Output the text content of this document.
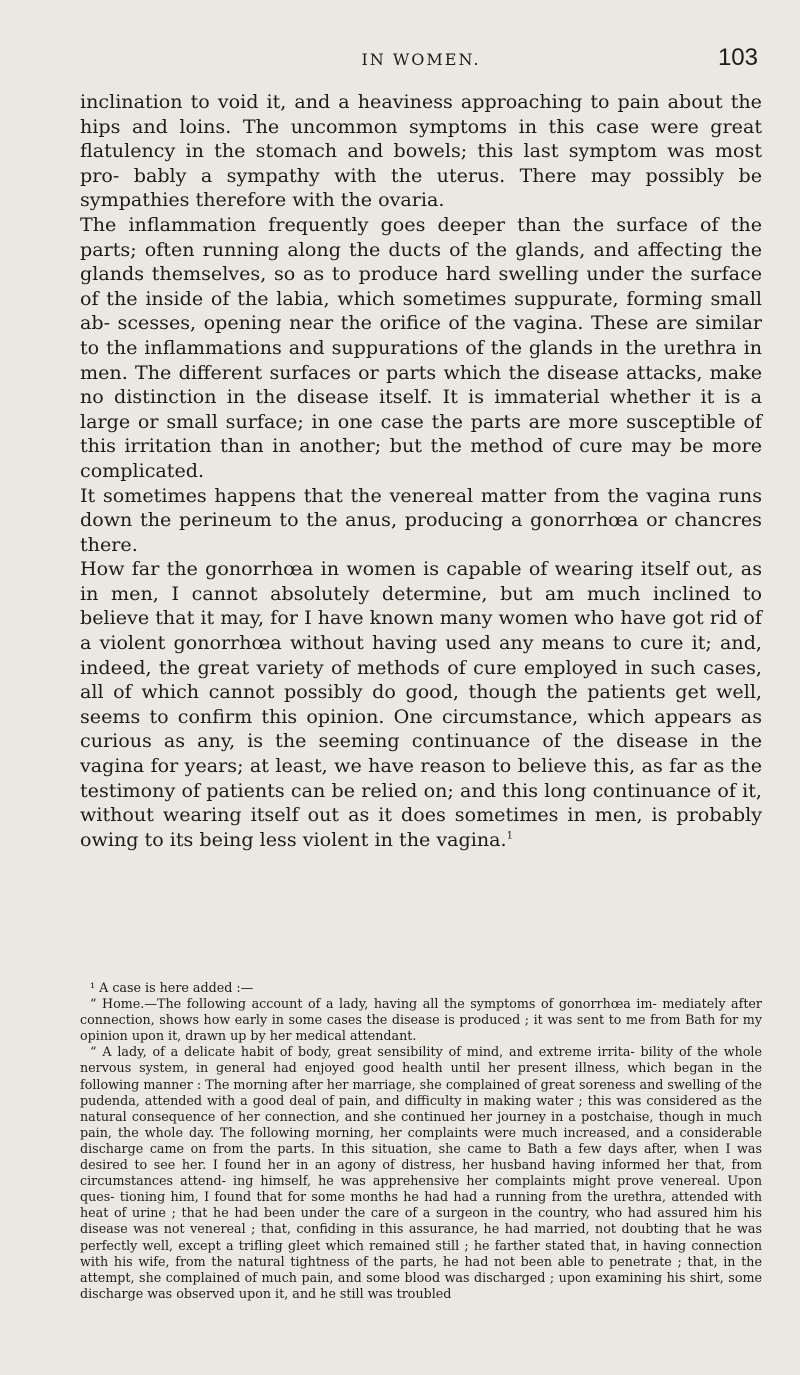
IN WOMEN.	103

inclination to void it, and a heaviness approaching to pain about the hips and loins. The uncommon symptoms in this case were great flatulency in the stomach and bowels; this last symptom was most pro- bably a sympathy with the uterus. There may possibly be sympathies therefore with the ovaria.

The inflammation frequently goes deeper than the surface of the parts; often running along the ducts of the glands, and affecting the glands themselves, so as to produce hard swelling under the surface of the inside of the labia, which sometimes suppurate, forming small ab- scesses, opening near the orifice of the vagina. These are similar to the inflammations and suppurations of the glands in the urethra in men. The different surfaces or parts which the disease attacks, make no distinction in the disease itself. It is immaterial whether it is a large or small surface; in one case the parts are more susceptible of this irritation than in another; but the method of cure may be more complicated.

It sometimes happens that the venereal matter from the vagina runs down the perineum to the anus, producing a gonorrhœa or chancres there.

How far the gonorrhœa in women is capable of wearing itself out, as in men, I cannot absolutely determine, but am much inclined to believe that it may, for I have known many women who have got rid of a violent gonorrhœa without having used any means to cure it; and, indeed, the great variety of methods of cure employed in such cases, all of which cannot possibly do good, though the patients get well, seems to confirm this opinion. One circumstance, which appears as curious as any, is the seeming continuance of the disease in the vagina for years; at least, we have reason to believe this, as far as the testimony of patients can be relied on; and this long continuance of it, without wearing itself out as it does sometimes in men, is probably owing to its being less violent in the vagina.$^1$

¹ A case is here added :—

“ Home.—The following account of a lady, having all the symptoms of gonorrhœa im- mediately after connection, shows how early in some cases the disease is produced ; it was sent to me from Bath for my opinion upon it, drawn up by her medical attendant.

“ A lady, of a delicate habit of body, great sensibility of mind, and extreme irrita- bility of the whole nervous system, in general had enjoyed good health until her present illness, which began in the following manner : The morning after her marriage, she complained of great soreness and swelling of the pudenda, attended with a good deal of pain, and difficulty in making water ; this was considered as the natural consequence of her connection, and she continued her journey in a postchaise, though in much pain, the whole day. The following morning, her complaints were much increased, and a considerable discharge came on from the parts. In this situation, she came to Bath a few days after, when I was desired to see her. I found her in an agony of distress, her husband having informed her that, from circumstances attend- ing himself, he was apprehensive her complaints might prove venereal. Upon ques- tioning him, I found that for some months he had had a running from the urethra, attended with heat of urine ; that he had been under the care of a surgeon in the country, who had assured him his disease was not venereal ; that, confiding in this assurance, he had married, not doubting that he was perfectly well, except a trifling gleet which remained still ; he farther stated that, in having connection with his wife, from the natural tightness of the parts, he had not been able to penetrate ; that, in the attempt, she complained of much pain, and some blood was discharged ; upon examining his shirt, some discharge was observed upon it, and he still was troubled
